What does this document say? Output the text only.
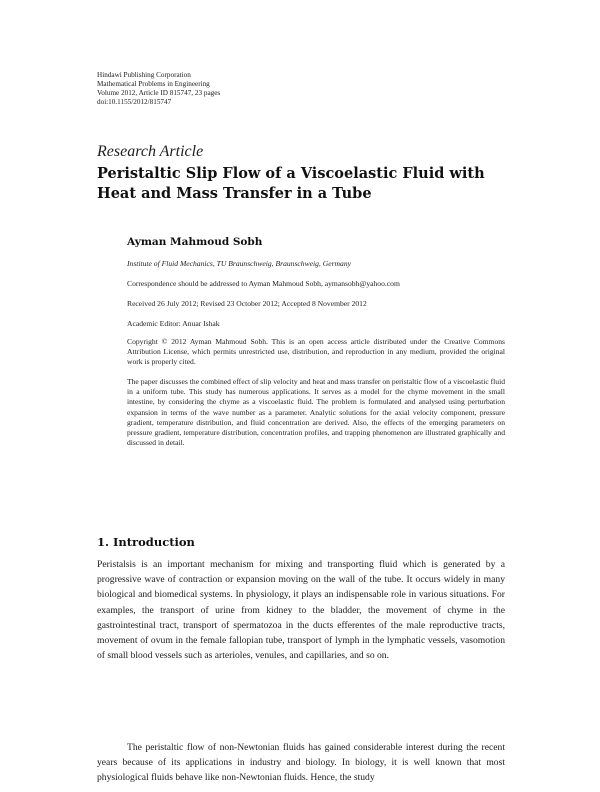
Hindawi Publishing Corporation
Mathematical Problems in Engineering
Volume 2012, Article ID 815747, 23 pages
doi:10.1155/2012/815747
Research Article
Peristaltic Slip Flow of a Viscoelastic Fluid with Heat and Mass Transfer in a Tube
Ayman Mahmoud Sobh
Institute of Fluid Mechanics, TU Braunschweig, Braunschweig, Germany
Correspondence should be addressed to Ayman Mahmoud Sobh, aymansobh@yahoo.com
Received 26 July 2012; Revised 23 October 2012; Accepted 8 November 2012
Academic Editor: Anuar Ishak

Copyright © 2012 Ayman Mahmoud Sobh. This is an open access article distributed under the Creative Commons Attribution License, which permits unrestricted use, distribution, and reproduction in any medium, provided the original work is properly cited.

The paper discusses the combined effect of slip velocity and heat and mass transfer on peristaltic flow of a viscoelastic fluid in a uniform tube. This study has numerous applications. It serves as a model for the chyme movement in the small intestine, by considering the chyme as a viscoelastic fluid. The problem is formulated and analysed using perturbation expansion in terms of the wave number as a parameter. Analytic solutions for the axial velocity component, pressure gradient, temperature distribution, and fluid concentration are derived. Also, the effects of the emerging parameters on pressure gradient, temperature distribution, concentration profiles, and trapping phenomenon are illustrated graphically and discussed in detail.

1. Introduction

Peristalsis is an important mechanism for mixing and transporting fluid which is generated by a progressive wave of contraction or expansion moving on the wall of the tube. It occurs widely in many biological and biomedical systems. In physiology, it plays an indispensable role in various situations. For examples, the transport of urine from kidney to the bladder, the movement of chyme in the gastrointestinal tract, transport of spermatozoa in the ducts efferentes of the male reproductive tracts, movement of ovum in the female fallopian tube, transport of lymph in the lymphatic vessels, vasomotion of small blood vessels such as arterioles, venules, and capillaries, and so on.

The peristaltic flow of non-Newtonian fluids has gained considerable interest during the recent years because of its applications in industry and biology. In biology, it is well known that most physiological fluids behave like non-Newtonian fluids. Hence, the study
